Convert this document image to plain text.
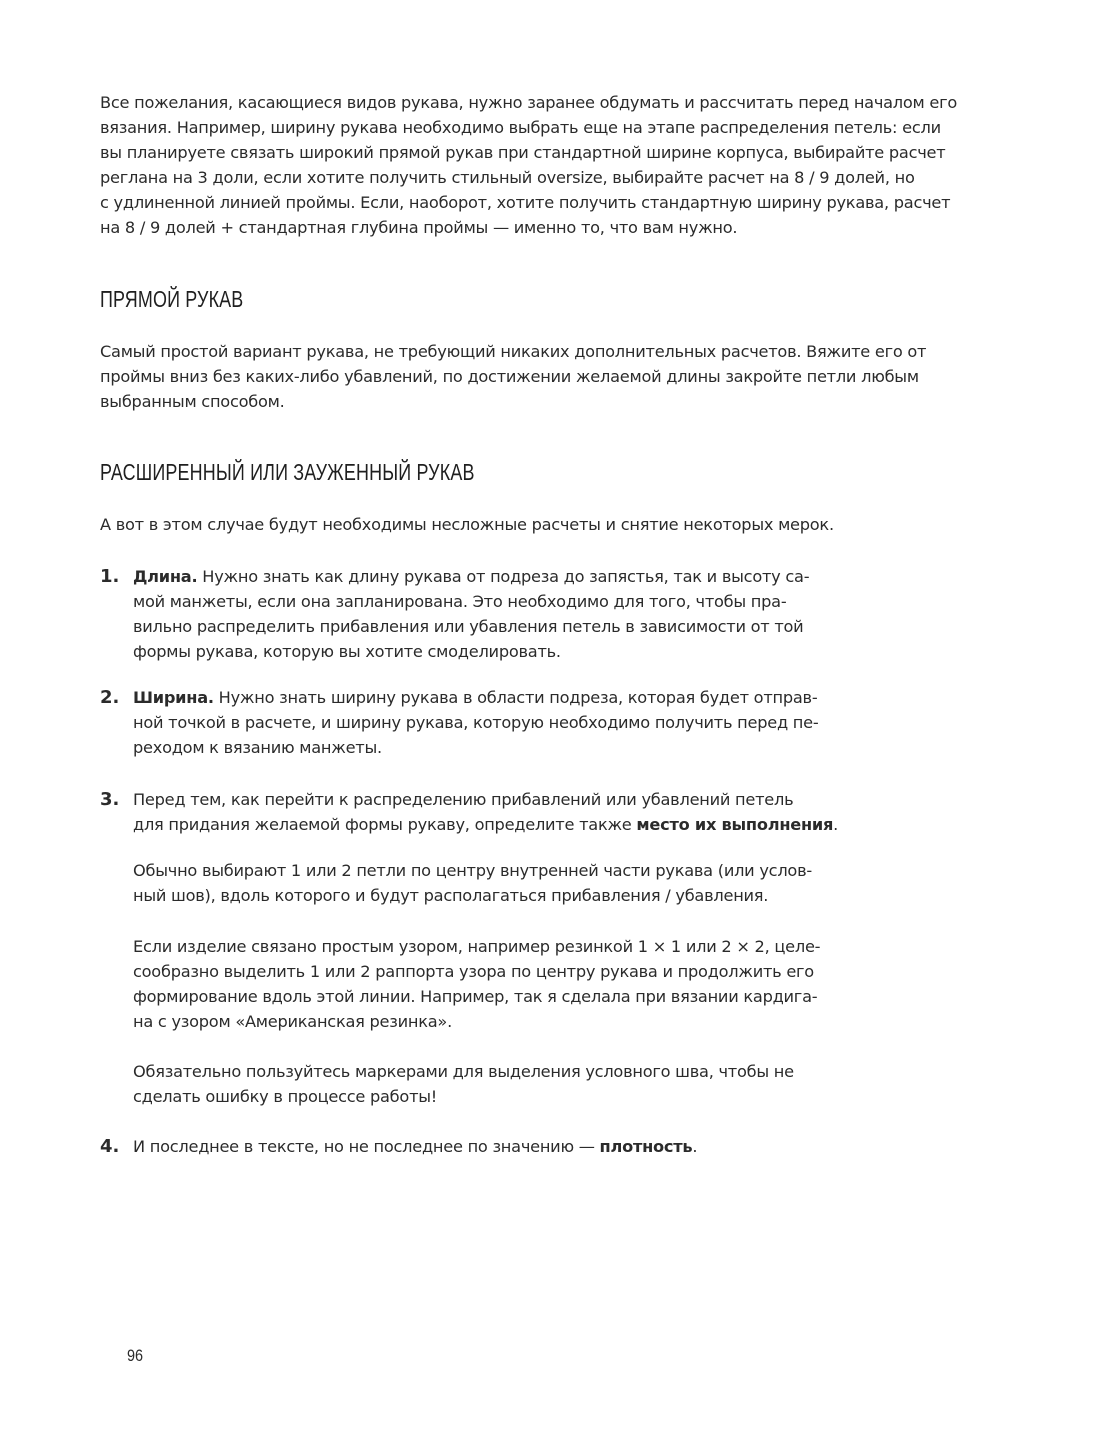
Все пожелания, касающиеся видов рукава, нужно заранее обдумать и рассчитать перед началом его
вязания. Например, ширину рукава необходимо выбрать еще на этапе распределения петель: если
вы планируете связать широкий прямой рукав при стандартной ширине корпуса, выбирайте расчет
реглана на 3 доли, если хотите получить стильный oversize, выбирайте расчет на 8 / 9 долей, но
с удлиненной линией проймы. Если, наоборот, хотите получить стандартную ширину рукава, расчет
на 8 / 9 долей + стандартная глубина проймы — именно то, что вам нужно.
ПРЯМОЙ РУКАВ
Самый простой вариант рукава, не требующий никаких дополнительных расчетов. Вяжите его от
проймы вниз без каких-либо убавлений, по достижении желаемой длины закройте петли любым
выбранным способом.
РАСШИРЕННЫЙ ИЛИ ЗАУЖЕННЫЙ РУКАВ
А вот в этом случае будут необходимы несложные расчеты и снятие некоторых мерок.
1. Длина. Нужно знать как длину рукава от подреза до запястья, так и высоту са-
мой манжеты, если она запланирована. Это необходимо для того, чтобы пра-
вильно распределить прибавления или убавления петель в зависимости от той
формы рукава, которую вы хотите смоделировать.
2. Ширина. Нужно знать ширину рукава в области подреза, которая будет отправ-
ной точкой в расчете, и ширину рукава, которую необходимо получить перед пе-
реходом к вязанию манжеты.
3. Перед тем, как перейти к распределению прибавлений или убавлений петель
для придания желаемой формы рукаву, определите также место их выполнения.
Обычно выбирают 1 или 2 петли по центру внутренней части рукава (или услов-
ный шов), вдоль которого и будут располагаться прибавления / убавления.
Если изделие связано простым узором, например резинкой 1 × 1 или 2 × 2, целе-
сообразно выделить 1 или 2 раппорта узора по центру рукава и продолжить его
формирование вдоль этой линии. Например, так я сделала при вязании кардига-
на с узором «Американская резинка».
Обязательно пользуйтесь маркерами для выделения условного шва, чтобы не
сделать ошибку в процессе работы!
4. И последнее в тексте, но не последнее по значению — плотность.
96
